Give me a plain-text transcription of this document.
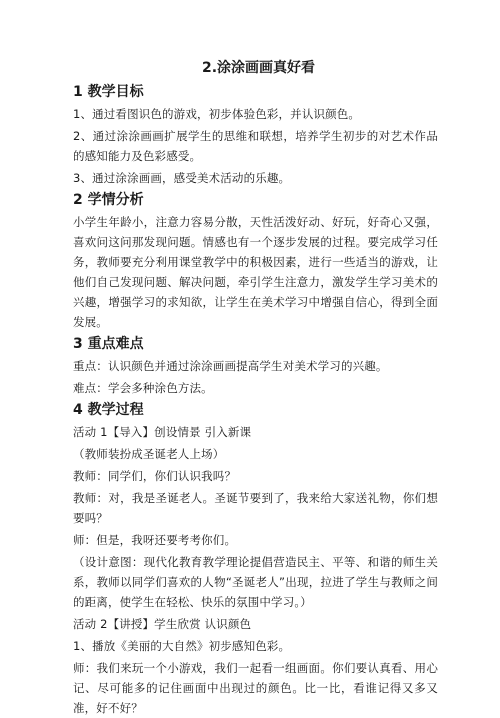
2.涂涂画画真好看
1 教学目标
1、通过看图识色的游戏，初步体验色彩，并认识颜色。
2、通过涂涂画画扩展学生的思维和联想，培养学生初步的对艺术作品的感知能力及色彩感受。
3、通过涂涂画画，感受美术活动的乐趣。
2 学情分析
小学生年龄小，注意力容易分散，天性活泼好动、好玩，好奇心又强，喜欢问这问那发现问题。情感也有一个逐步发展的过程。要完成学习任务，教师要充分利用课堂教学中的积极因素，进行一些适当的游戏，让他们自己发现问题、解决问题，牵引学生注意力，激发学生学习美术的兴趣，增强学习的求知欲，让学生在美术学习中增强自信心，得到全面发展。
3 重点难点
重点：认识颜色并通过涂涂画画提高学生对美术学习的兴趣。
难点：学会多种涂色方法。
4 教学过程
活动 1【导入】创设情景 引入新课
（教师装扮成圣诞老人上场）
教师：同学们，你们认识我吗？
教师：对，我是圣诞老人。圣诞节要到了，我来给大家送礼物，你们想要吗？
师：但是，我呀还要考考你们。
（设计意图：现代化教育教学理论提倡营造民主、平等、和谐的师生关系，教师以同学们喜欢的人物“圣诞老人”出现，拉进了学生与教师之间的距离，使学生在轻松、快乐的氛围中学习。）
活动 2【讲授】学生欣赏 认识颜色
1、播放《美丽的大自然》初步感知色彩。
师：我们来玩一个小游戏，我们一起看一组画面。你们要认真看、用心记、尽可能多的记住画面中出现过的颜色。比一比，看谁记得又多又准，好不好？
